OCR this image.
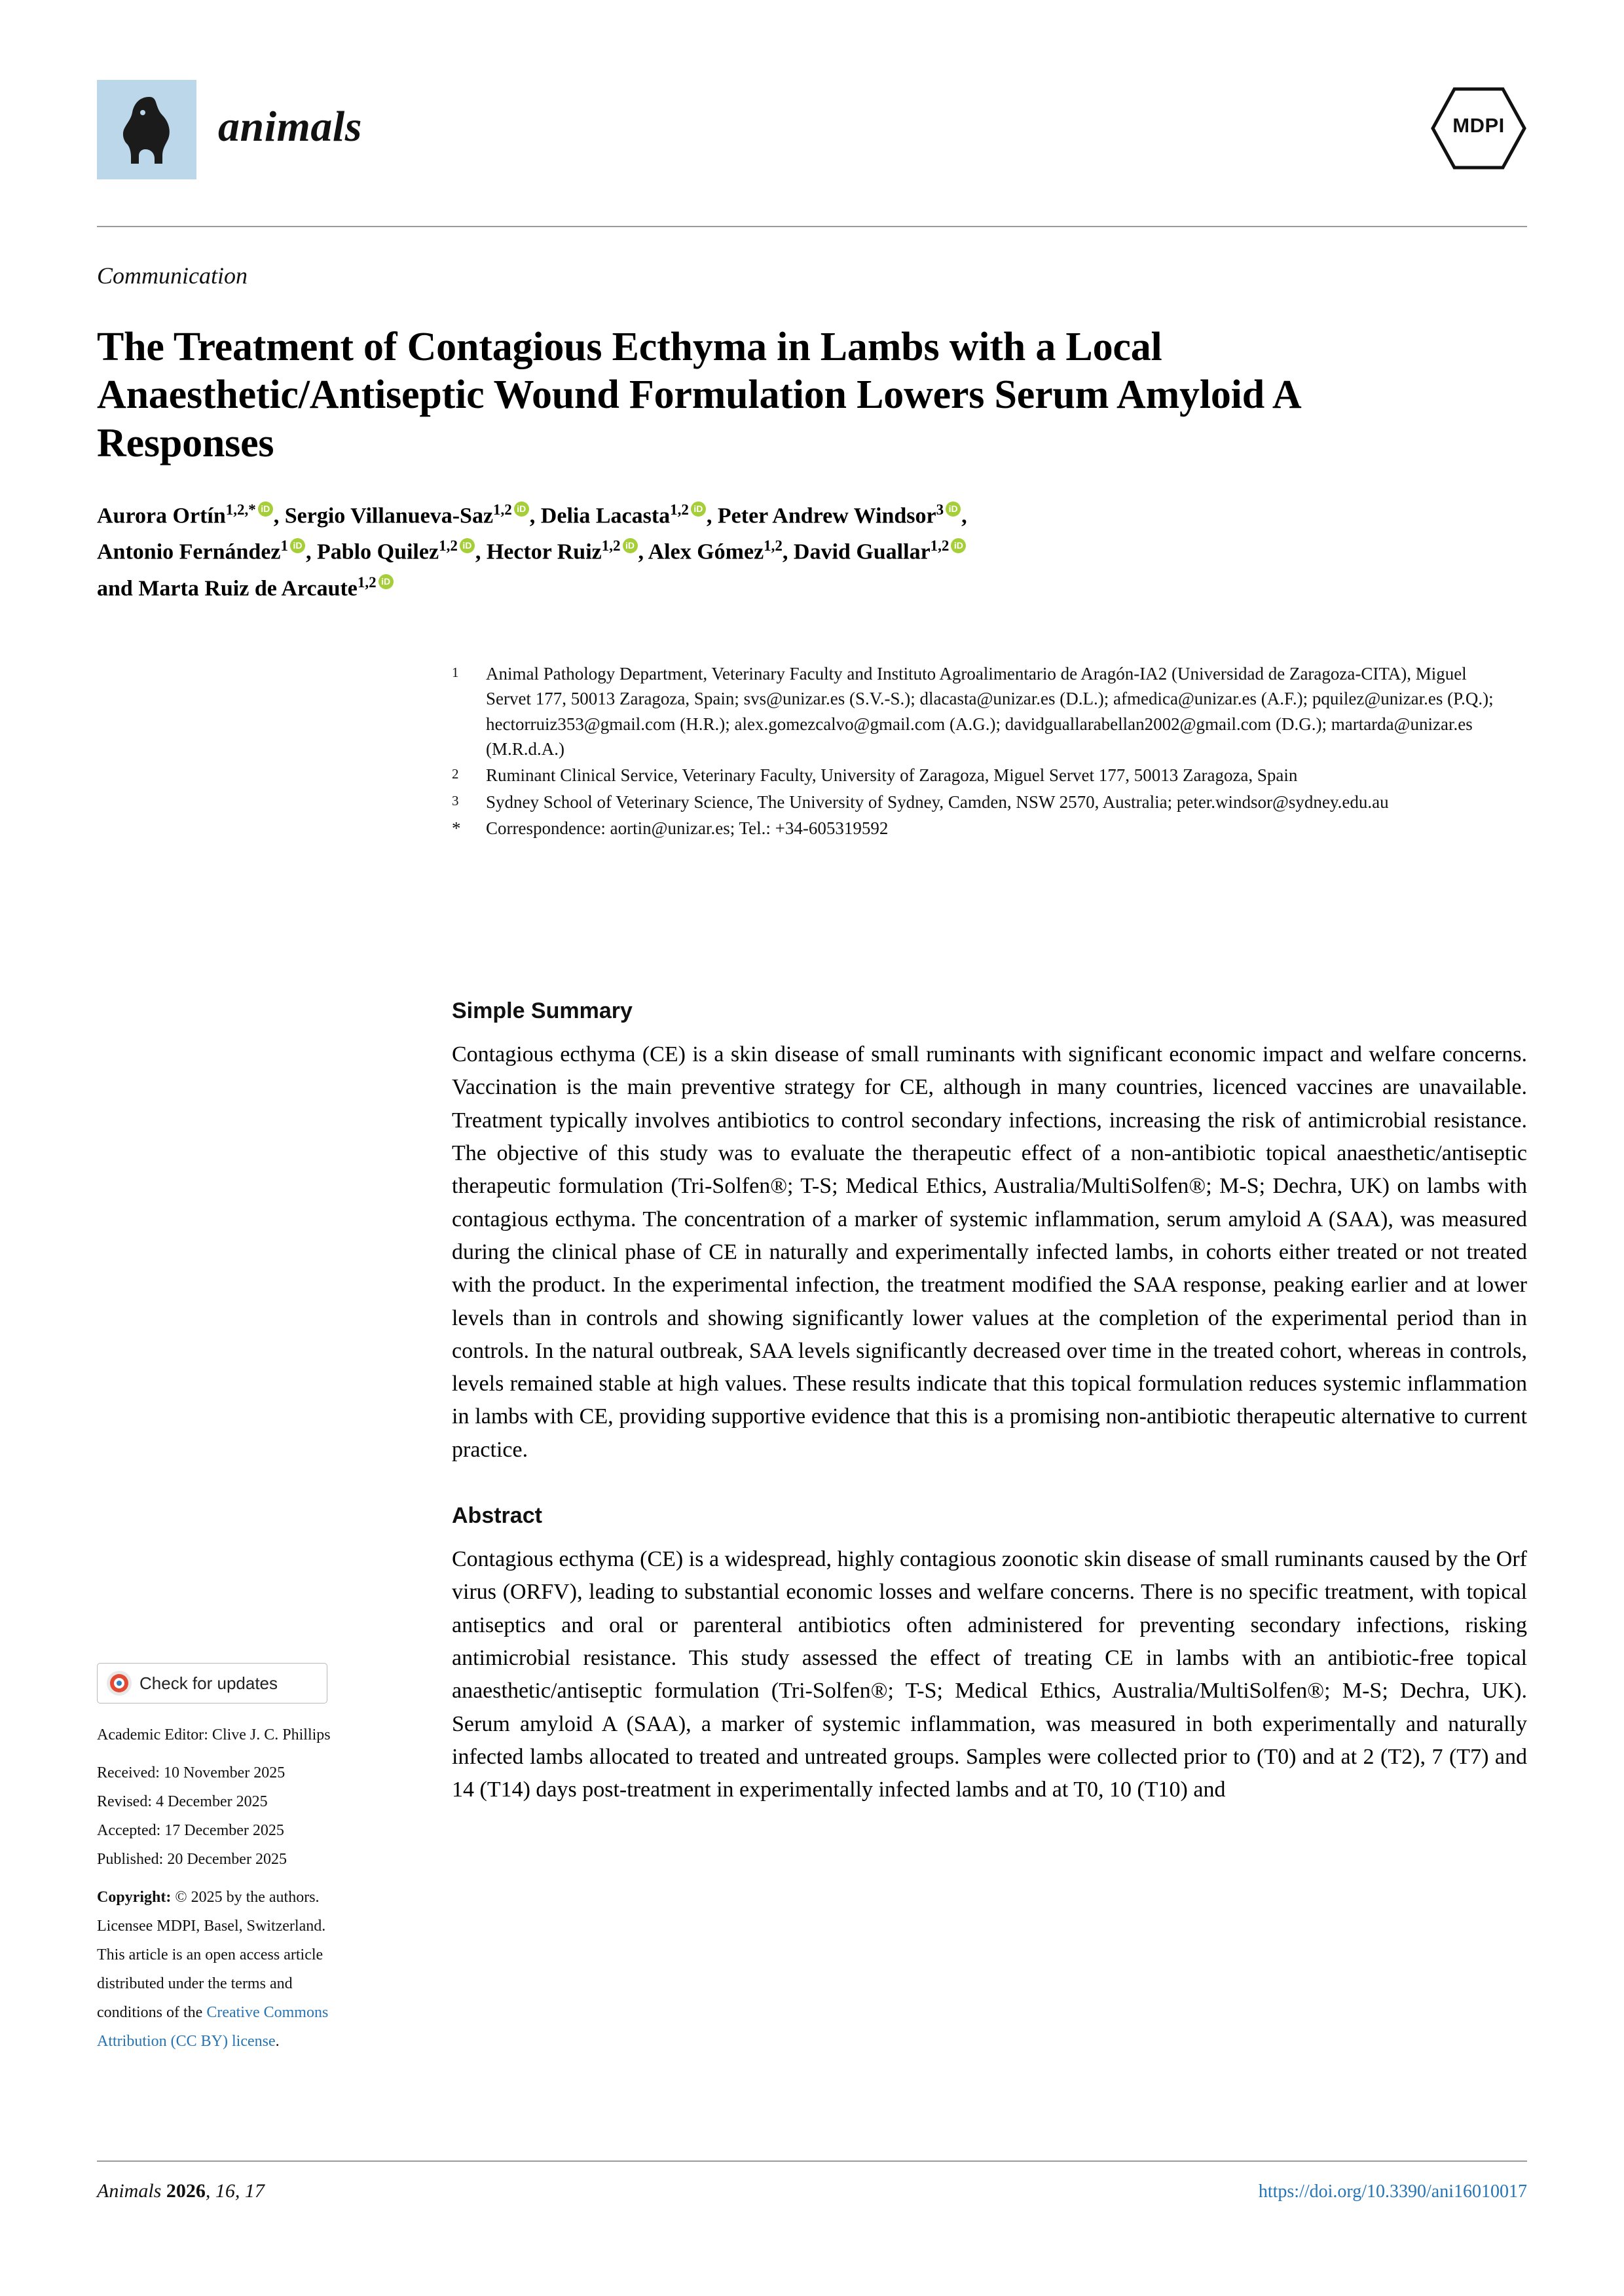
animals	MDPI
Communication
The Treatment of Contagious Ecthyma in Lambs with a Local Anaesthetic/Antiseptic Wound Formulation Lowers Serum Amyloid A Responses
Aurora Ortín$^{1,2,*}$ iD , Sergio Villanueva-Saz$^{1,2}$ iD , Delia Lacasta$^{1,2}$ iD , Peter Andrew Windsor$^3$ iD ,
Antonio Fernández$^1$ iD , Pablo Quilez$^{1,2}$ iD , Hector Ruiz$^{1,2}$ iD , Alex Gómez$^{1,2}$, David Guallar$^{1,2}$iD
and Marta Ruiz de Arcaute$^{1,2}$iD
1	Animal Pathology Department, Veterinary Faculty and Instituto Agroalimentario de Aragón-IA2 (Universidad de Zaragoza-CITA), Miguel Servet 177, 50013 Zaragoza, Spain; svs@unizar.es (S.V.-S.); dlacasta@unizar.es (D.L.); afmedica@unizar.es (A.F.); pquilez@unizar.es (P.Q.); hectorruiz353@gmail.com (H.R.); alex.gomezcalvo@gmail.com (A.G.); davidguallarabellan2002@gmail.com (D.G.); martarda@unizar.es (M.R.d.A.)
2	Ruminant Clinical Service, Veterinary Faculty, University of Zaragoza, Miguel Servet 177, 50013 Zaragoza, Spain
3	Sydney School of Veterinary Science, The University of Sydney, Camden, NSW 2570, Australia; peter.windsor@sydney.edu.au
*	Correspondence: aortin@unizar.es; Tel.: +34-605319592
Check for updates
Academic Editor: Clive J. C. Phillips
Received: 10 November 2025
Revised: 4 December 2025
Accepted: 17 December 2025
Published: 20 December 2025
Copyright: © 2025 by the authors.
Licensee MDPI, Basel, Switzerland.
This article is an open access article
distributed under the terms and
conditions of the Creative Commons
Attribution (CC BY) license.
Simple Summary

Contagious ecthyma (CE) is a skin disease of small ruminants with significant economic impact and welfare concerns. Vaccination is the main preventive strategy for CE, although in many countries, licenced vaccines are unavailable. Treatment typically involves antibiotics to control secondary infections, increasing the risk of antimicrobial resistance. The objective of this study was to evaluate the therapeutic effect of a non-antibiotic topical anaesthetic/antiseptic therapeutic formulation (Tri-Solfen®; T-S; Medical Ethics, Australia/MultiSolfen®; M-S; Dechra, UK) on lambs with contagious ecthyma. The concentration of a marker of systemic inflammation, serum amyloid A (SAA), was measured during the clinical phase of CE in naturally and experimentally infected lambs, in cohorts either treated or not treated with the product. In the experimental infection, the treatment modified the SAA response, peaking earlier and at lower levels than in controls and showing significantly lower values at the completion of the experimental period than in controls. In the natural outbreak, SAA levels significantly decreased over time in the treated cohort, whereas in controls, levels remained stable at high values. These results indicate that this topical formulation reduces systemic inflammation in lambs with CE, providing supportive evidence that this is a promising non-antibiotic therapeutic alternative to current practice.

Abstract

Contagious ecthyma (CE) is a widespread, highly contagious zoonotic skin disease of small ruminants caused by the Orf virus (ORFV), leading to substantial economic losses and welfare concerns. There is no specific treatment, with topical antiseptics and oral or parenteral antibiotics often administered for preventing secondary infections, risking antimicrobial resistance. This study assessed the effect of treating CE in lambs with an antibiotic-free topical anaesthetic/antiseptic formulation (Tri-Solfen®; T-S; Medical Ethics, Australia/MultiSolfen®; M-S; Dechra, UK). Serum amyloid A (SAA), a marker of systemic inflammation, was measured in both experimentally and naturally infected lambs allocated to treated and untreated groups. Samples were collected prior to (T0) and at 2 (T2), 7 (T7) and 14 (T14) days post-treatment in experimentally infected lambs and at T0, 10 (T10) and

Animals 2026, 16, 17	https://doi.org/10.3390/ani16010017
